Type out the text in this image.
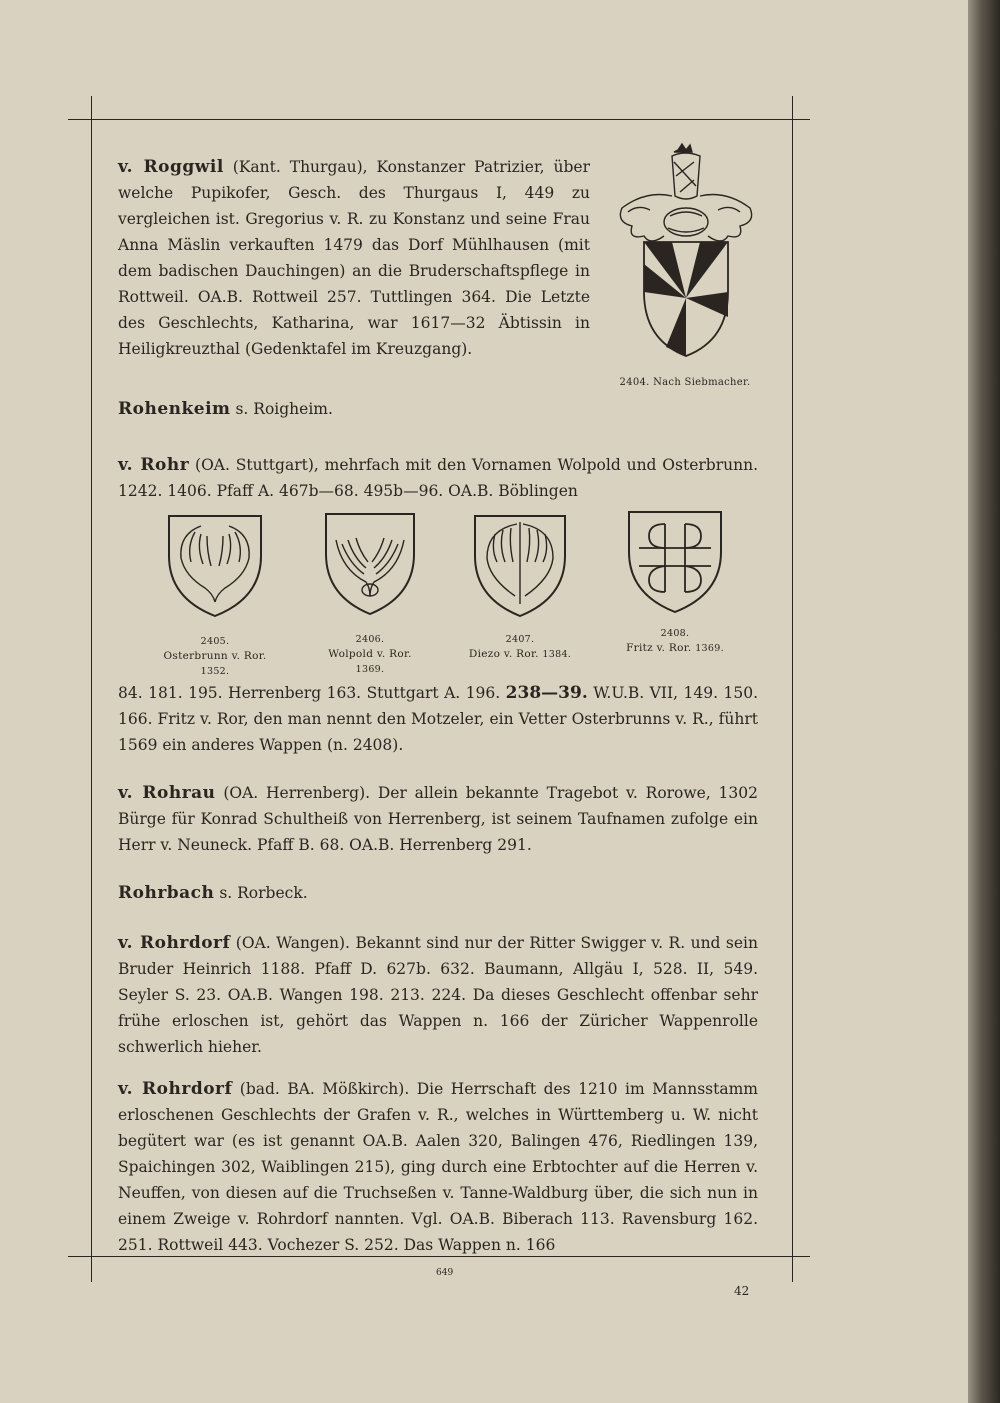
v. Roggwil (Kant. Thurgau), Konstanzer Patrizier, über welche Pupikofer, Gesch. des Thurgaus I, 449 zu vergleichen ist. Gregorius v. R. zu Konstanz und seine Frau Anna Mäslin verkauften 1479 das Dorf Mühlhausen (mit dem badischen Dauchingen) an die Bruderschaftspflege in Rottweil. OA.B. Rottweil 257. Tuttlingen 364. Die Letzte des Geschlechts, Katharina, war 1617—32 Äbtissin in Heiligkreuzthal (Gedenktafel im Kreuzgang).

2404. Nach Siebmacher.

Rohenkeim s. Roigheim.

v. Rohr (OA. Stuttgart), mehrfach mit den Vornamen Wolpold und Osterbrunn. 1242. 1406. Pfaff A. 467b—68. 495b—96. OA.B. Böblingen

2405.
Osterbrunn v. Ror.
1352.
2406.
Wolpold v. Ror.
1369.
2407.
Diezo v. Ror. 1384.
2408.
Fritz v. Ror. 1369.

84. 181. 195. Herrenberg 163. Stuttgart A. 196. 238—39. W.U.B. VII, 149. 150. 166. Fritz v. Ror, den man nennt den Motzeler, ein Vetter Osterbrunns v. R., führt 1569 ein anderes Wappen (n. 2408).

v. Rohrau (OA. Herrenberg). Der allein bekannte Tragebot v. Rorowe, 1302 Bürge für Konrad Schultheiß von Herrenberg, ist seinem Taufnamen zufolge ein Herr v. Neuneck. Pfaff B. 68. OA.B. Herrenberg 291.

Rohrbach s. Rorbeck.

v. Rohrdorf (OA. Wangen). Bekannt sind nur der Ritter Swigger v. R. und sein Bruder Heinrich 1188. Pfaff D. 627b. 632. Baumann, Allgäu I, 528. II, 549. Seyler S. 23. OA.B. Wangen 198. 213. 224. Da dieses Geschlecht offenbar sehr frühe erloschen ist, gehört das Wappen n. 166 der Züricher Wappenrolle schwerlich hieher.

v. Rohrdorf (bad. BA. Mößkirch). Die Herrschaft des 1210 im Mannsstamm erloschenen Geschlechts der Grafen v. R., welches in Württemberg u. W. nicht begütert war (es ist genannt OA.B. Aalen 320, Balingen 476, Riedlingen 139, Spaichingen 302, Waiblingen 215), ging durch eine Erbtochter auf die Herren v. Neuffen, von diesen auf die Truchseßen v. Tanne-Waldburg über, die sich nun in einem Zweige v. Rohrdorf nannten. Vgl. OA.B. Biberach 113. Ravensburg 162. 251. Rottweil 443. Vochezer S. 252. Das Wappen n. 166

649
42
